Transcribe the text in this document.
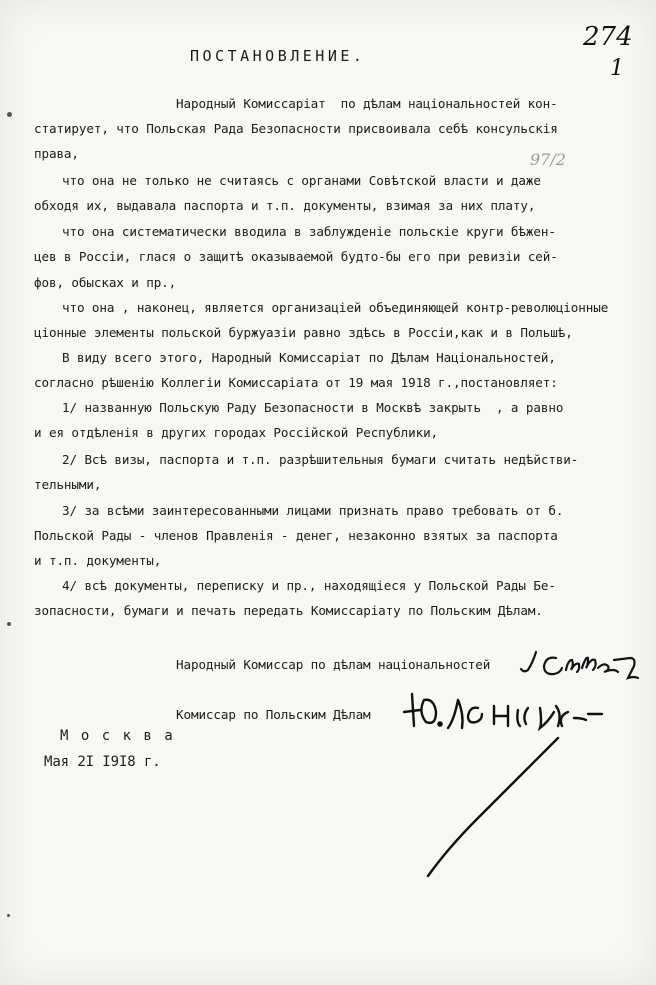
274
1
97/2
ПОСТАНОВЛЕНИЕ.
Народный Комиссаріат  по дѣлам національностей кон-
статирует, что Польская Рада Безопасности присвоивала себѣ консульскія
права,
что она не только не считаясь с органами Совѣтской власти и даже
обходя их, выдавала паспорта и т.п. документы, взимая за них плату,
что она систематически вводила в заблужденіе польскіе круги бѣжен-
цев в Россіи, глася о защитѣ оказываемой будто-бы его при ревизіи сей-
фов, обысках и пр.,
что она , наконец, является организаціей объединяющей контр-революціонные
ціонные элементы польской буржуазіи равно здѣсь в Россіи,как и в Польшѣ,
В виду всего этого, Народный Комиссаріат по Дѣлам Національностей,
согласно рѣшенію Коллегіи Комиссаріата от 19 мая 1918 г.,постановляет:
1/ названную Польскую Раду Безопасности в Москвѣ закрыть  , а равно
и ея отдѣленія в других городах Россійской Республики,
2/ Всѣ визы, паспорта и т.п. разрѣшительныя бумаги считать недѣйстви-
тельными,
3/ за всѣми заинтересованными лицами признать право требовать от б.
Польской Рады - членов Правленія - денег, незаконно взятых за паспорта
и т.п. документы,
4/ всѣ документы, переписку и пр., находящіеся у Польской Рады Бе-
зопасности, бумаги и печать передать Комиссаріату по Польским Дѣлам.
Народный Комиссар по дѣлам національностей
Комиссар по Польским Дѣлам
М о с к в а
Мая 2I I9I8 г.
